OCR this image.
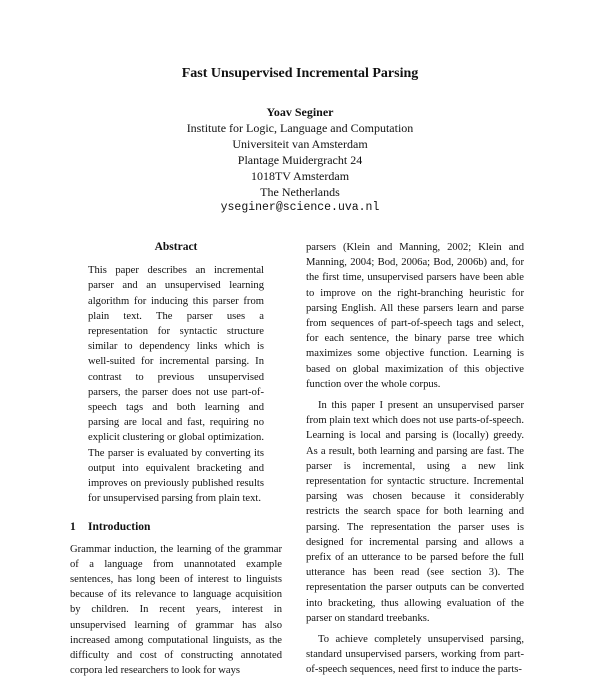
Fast Unsupervised Incremental Parsing
Yoav Seginer
Institute for Logic, Language and Computation
Universiteit van Amsterdam
Plantage Muidergracht 24
1018TV Amsterdam
The Netherlands
yseginer@science.uva.nl
Abstract

This paper describes an incremental parser and an unsupervised learning algorithm for inducing this parser from plain text. The parser uses a representation for syntactic structure similar to dependency links which is well-suited for incremental parsing. In contrast to previous unsupervised parsers, the parser does not use part-of-speech tags and both learning and parsing are local and fast, requiring no explicit clustering or global optimization. The parser is evaluated by converting its output into equivalent bracketing and improves on previously published results for unsupervised parsing from plain text.

1 Introduction

Grammar induction, the learning of the grammar of a language from unannotated example sentences, has long been of interest to linguists because of its relevance to language acquisition by children. In recent years, interest in unsupervised learning of grammar has also increased among computational linguists, as the difficulty and cost of constructing annotated corpora led researchers to look for ways

parsers (Klein and Manning, 2002; Klein and Manning, 2004; Bod, 2006a; Bod, 2006b) and, for the first time, unsupervised parsers have been able to improve on the right-branching heuristic for parsing English. All these parsers learn and parse from sequences of part-of-speech tags and select, for each sentence, the binary parse tree which maximizes some objective function. Learning is based on global maximization of this objective function over the whole corpus.

In this paper I present an unsupervised parser from plain text which does not use parts-of-speech. Learning is local and parsing is (locally) greedy. As a result, both learning and parsing are fast. The parser is incremental, using a new link representation for syntactic structure. Incremental parsing was chosen because it considerably restricts the search space for both learning and parsing. The representation the parser uses is designed for incremental parsing and allows a prefix of an utterance to be parsed before the full utterance has been read (see section 3). The representation the parser outputs can be converted into bracketing, thus allowing evaluation of the parser on standard treebanks.

To achieve completely unsupervised parsing, standard unsupervised parsers, working from part-of-speech sequences, need first to induce the parts-
